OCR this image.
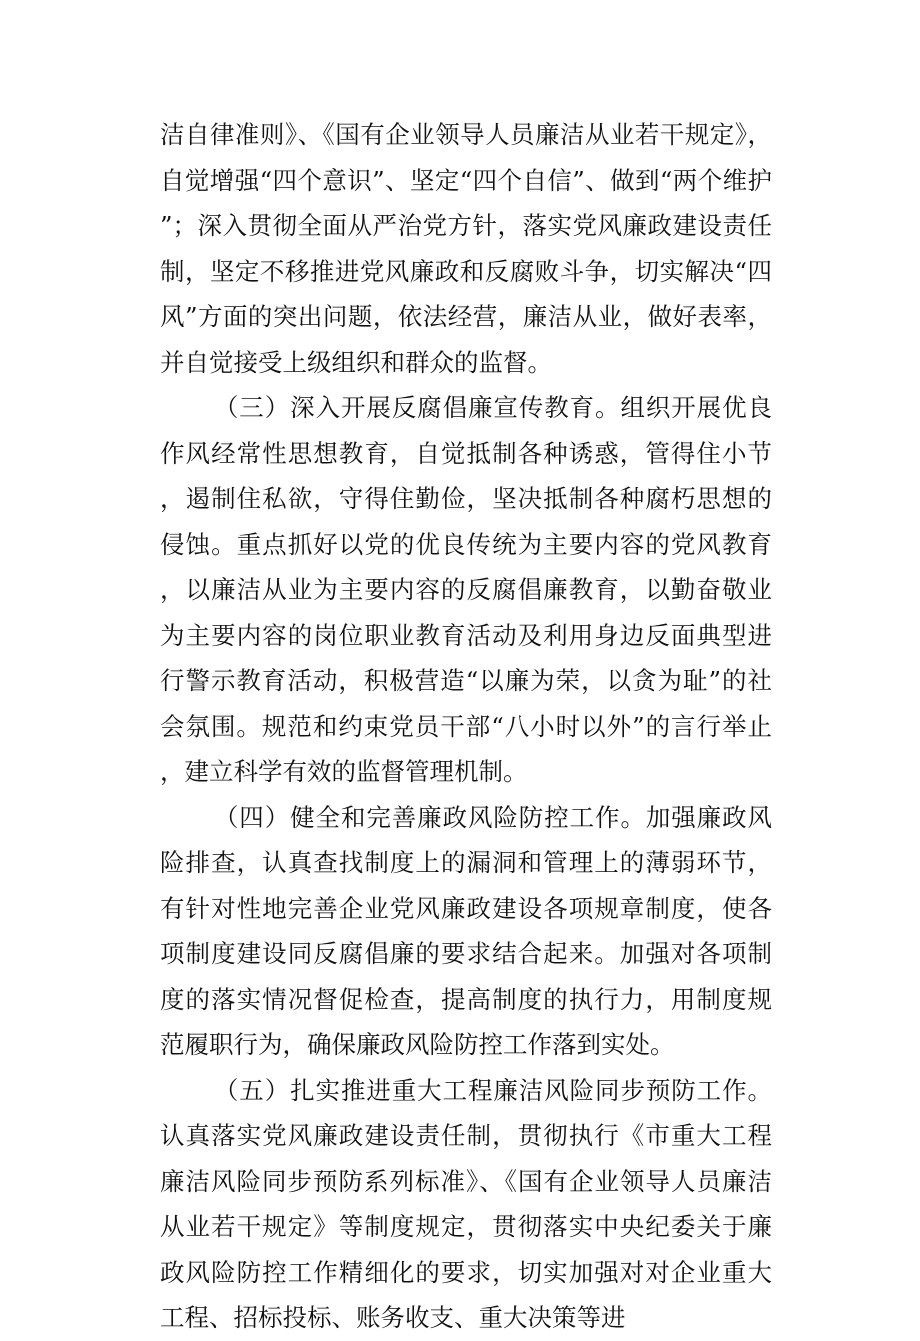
洁自律准则》、《国有企业领导人员廉洁从业若干规定》，自觉增强“四个意识”、坚定“四个自信”、做到“两个维护”；深入贯彻全面从严治党方针，落实党风廉政建设责任制，坚定不移推进党风廉政和反腐败斗争，切实解决“四风”方面的突出问题，依法经营，廉洁从业，做好表率，并自觉接受上级组织和群众的监督。

（三）深入开展反腐倡廉宣传教育。组织开展优良作风经常性思想教育，自觉抵制各种诱惑，管得住小节，遏制住私欲，守得住勤俭，坚决抵制各种腐朽思想的侵蚀。重点抓好以党的优良传统为主要内容的党风教育，以廉洁从业为主要内容的反腐倡廉教育，以勤奋敬业为主要内容的岗位职业教育活动及利用身边反面典型进行警示教育活动，积极营造“以廉为荣，以贪为耻”的社会氛围。规范和约束党员干部“八小时以外”的言行举止，建立科学有效的监督管理机制。

（四）健全和完善廉政风险防控工作。加强廉政风险排查，认真查找制度上的漏洞和管理上的薄弱环节，有针对性地完善企业党风廉政建设各项规章制度，使各项制度建设同反腐倡廉的要求结合起来。加强对各项制度的落实情况督促检查，提高制度的执行力，用制度规范履职行为，确保廉政风险防控工作落到实处。

（五）扎实推进重大工程廉洁风险同步预防工作。认真落实党风廉政建设责任制，贯彻执行《市重大工程廉洁风险同步预防系列标准》、《国有企业领导人员廉洁从业若干规定》等制度规定，贯彻落实中央纪委关于廉政风险防控工作精细化的要求，切实加强对对企业重大工程、招标投标、账务收支、重大决策等进
